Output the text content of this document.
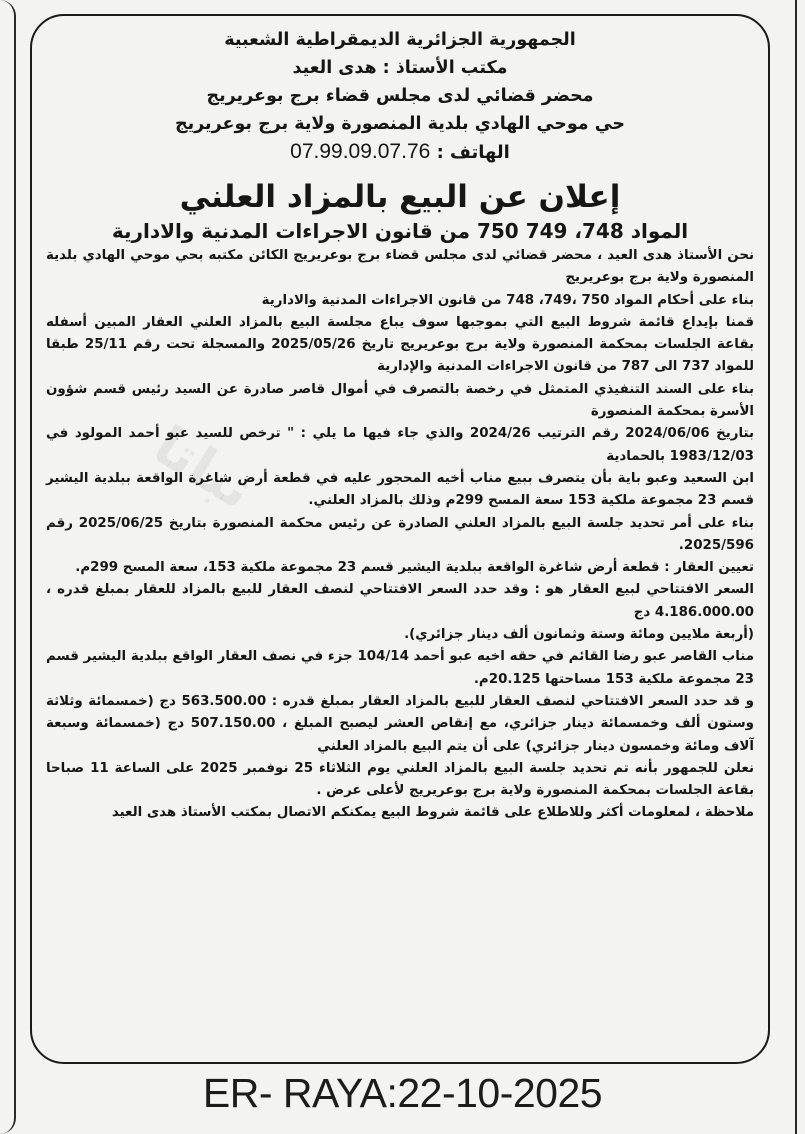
تباتا
الجمهورية الجزائرية الديمقراطية الشعبية
مكتب الأستاذ : هدى العيد
محضر قضائي لدى مجلس قضاء برج بوعريريج
حي موحي الهادي بلدية المنصورة ولاية برج بوعريريج
الهاتف : 07.99.09.07.76
إعلان عن البيع بالمزاد العلني
المواد 748، 749 750 من قانون الاجراءات المدنية والادارية

نحن الأستاذ هدى العيد ، محضر قضائي لدى مجلس قضاء برج بوعريريج الكائن مكتبه بحي موحي الهادي بلدية المنصورة ولاية برج بوعريريج

بناء على أحكام المواد 750 ،749، 748 من قانون الاجراءات المدنية والادارية

قمنا بإيداع قائمة شروط البيع التي بموجبها سوف يباع مجلسة البيع بالمزاد العلني العقار المبين أسفله بقاعة الجلسات بمحكمة المنصورة ولاية برج بوعريريج تاريخ 2025/05/26 والمسجلة تحت رقم 25/11 طبقا للمواد 737 الى 787 من قانون الاجراءات المدنية والإدارية

بناء على السند التنفيذي المتمثل في رخصة بالتصرف في أموال قاصر صادرة عن السيد رئيس قسم شؤون الأسرة بمحكمة المنصورة

بتاريخ 2024/06/06 رقم الترتيب 2024/26 والذي جاء فيها ما يلي : " ترخص للسيد عبو أحمد المولود في 1983/12/03 بالحمادية

ابن السعيد وعبو باية بأن يتصرف ببيع مناب أخيه المحجور عليه في قطعة أرض شاغرة الواقعة ببلدية اليشير قسم 23 مجموعة ملكية 153 سعة المسح 299م وذلك بالمزاد العلني.

بناء على أمر تحديد جلسة البيع بالمزاد العلني الصادرة عن رئيس محكمة المنصورة بتاريخ 2025/06/25 رقم 2025/596.

تعيين العقار : قطعة أرض شاغرة الواقعة ببلدية اليشير قسم 23 مجموعة ملكية 153، سعة المسح 299م.

السعر الافتتاحي لبيع العقار هو : وقد حدد السعر الافتتاحي لنصف العقار للبيع بالمزاد للعقار بمبلغ قدره ، 4.186.000.00 دج

(أربعة ملايين ومائة وستة وثمانون ألف دينار جزائري).

مناب القاصر عبو رضا القائم في حقه اخيه عبو أحمد 104/14 جزء في نصف العقار الواقع ببلدية اليشير قسم 23 مجموعة ملكية 153 مساحتها 20.125م.

و قد حدد السعر الافتتاحي لنصف العقار للبيع بالمزاد العقار بمبلغ قدره : 563.500.00 دج (خمسمائة وثلاثة وستون ألف وخمسمائة دينار جزائري، مع إنقاص العشر ليصبح المبلغ ، 507.150.00 دج (خمسمائة وسبعة آلاف ومائة وخمسون دينار جزائري) على أن يتم البيع بالمزاد العلني

نعلن للجمهور بأنه تم تحديد جلسة البيع بالمزاد العلني يوم الثلاثاء 25 نوفمبر 2025 على الساعة 11 صباحا بقاعة الجلسات بمحكمة المنصورة ولاية برج بوعريريج لأعلى عرض .

ملاحظة ، لمعلومات أكثر وللاطلاع على قائمة شروط البيع يمكنكم الاتصال بمكتب الأستاذ هدى العيد

ER- RAYA:22-10-2025
